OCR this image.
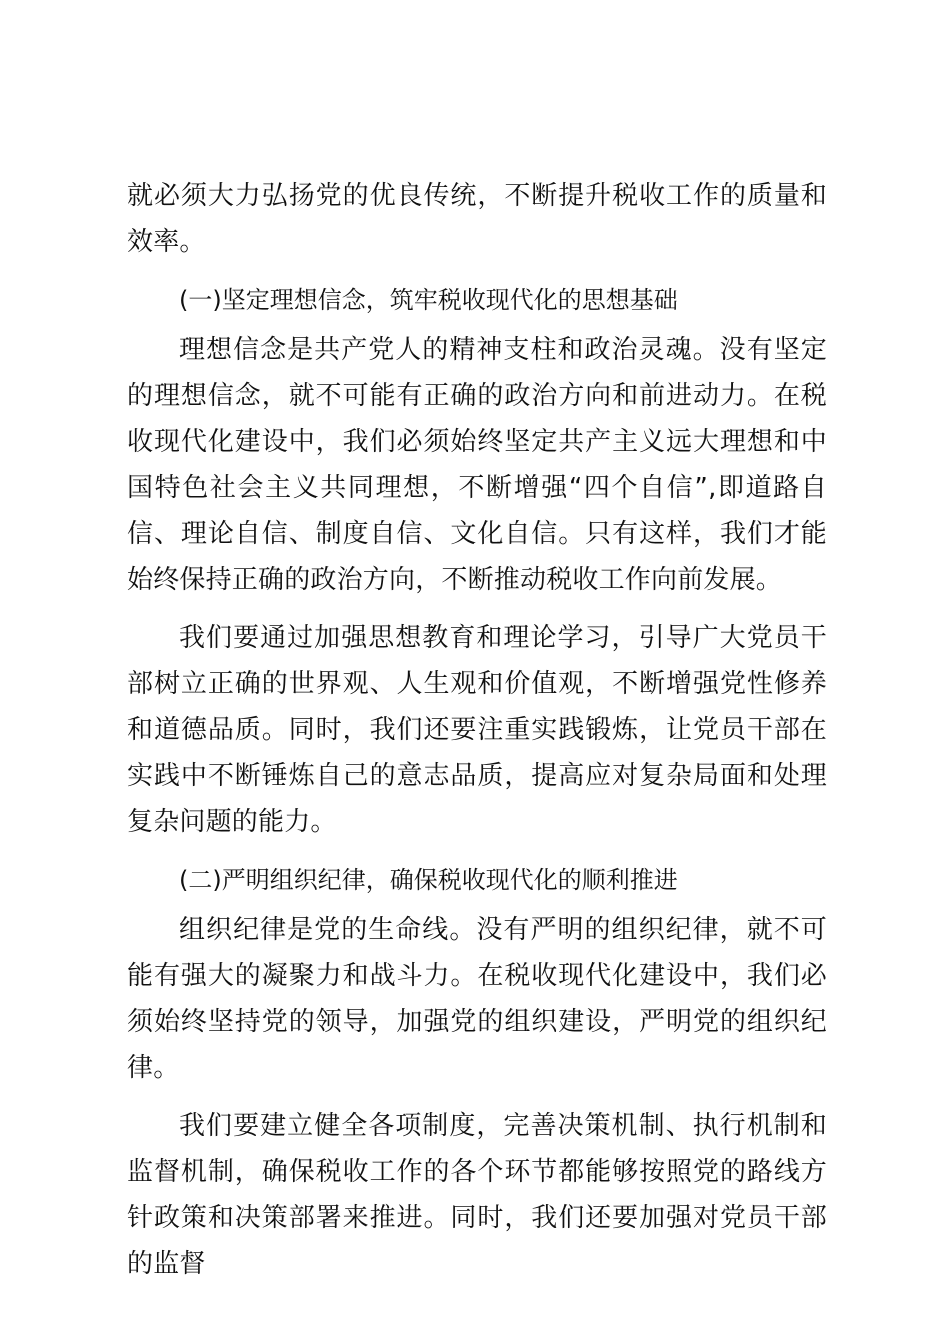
就必须大力弘扬党的优良传统，不断提升税收工作的质量和效率。

(一)坚定理想信念，筑牢税收现代化的思想基础

理想信念是共产党人的精神支柱和政治灵魂。没有坚定的理想信念，就不可能有正确的政治方向和前进动力。在税收现代化建设中，我们必须始终坚定共产主义远大理想和中国特色社会主义共同理想，不断增强“四个自信”,即道路自信、理论自信、制度自信、文化自信。只有这样，我们才能始终保持正确的政治方向，不断推动税收工作向前发展。

我们要通过加强思想教育和理论学习，引导广大党员干部树立正确的世界观、人生观和价值观，不断增强党性修养和道德品质。同时，我们还要注重实践锻炼，让党员干部在实践中不断锤炼自己的意志品质，提高应对复杂局面和处理复杂问题的能力。

(二)严明组织纪律，确保税收现代化的顺利推进

组织纪律是党的生命线。没有严明的组织纪律，就不可能有强大的凝聚力和战斗力。在税收现代化建设中，我们必须始终坚持党的领导，加强党的组织建设，严明党的组织纪律。

我们要建立健全各项制度，完善决策机制、执行机制和监督机制，确保税收工作的各个环节都能够按照党的路线方针政策和决策部署来推进。同时，我们还要加强对党员干部的监督
